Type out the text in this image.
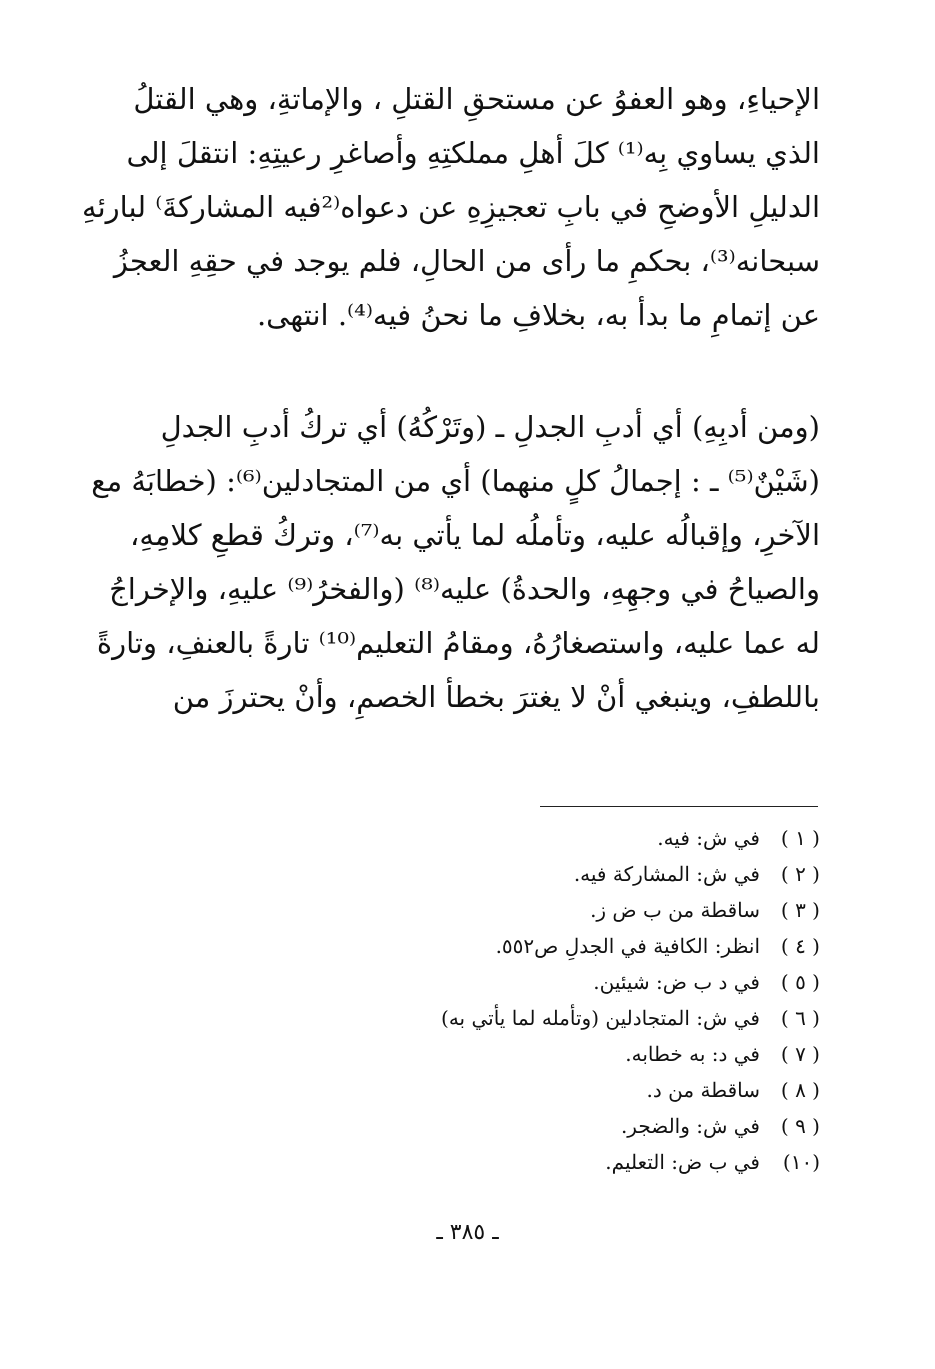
الإحياءِ، وهو العفوُ عن مستحقِ القتلِ ، والإماتةِ، وهي القتلُ
الذي يساوي بِه⁽¹⁾ كلَ أهلِ مملكتِهِ وأصاغرِ رعيتِهِ: انتقلَ إلى
الدليلِ الأوضحِ في بابِ تعجيزِهِ عن دعواه⁽²فيه المشاركةَ⁾ لبارئهِ
سبحانه⁽³⁾، بحكمِ ما رأى من الحالِ، فلم يوجد في حقِهِ العجزُ
عن إتمامِ ما بدأ به، بخلافِ ما نحنُ فيه⁽⁴⁾. انتهى.
(ومن أدبِهِ) أي أدبِ الجدلِ ـ (وتَرْكُهُ) أي تركُ أدبِ الجدلِ
(شَيْنٌ⁽⁵⁾ ـ : إجمالُ كلٍ منهما) أي من المتجادلين⁽⁶⁾: (خطابَهُ مع
الآخرِ، وإقبالُه عليه، وتأملُه لما يأتي به⁽⁷⁾، وتركُ قطعِ كلامِهِ،
والصياحُ في وجهِهِ، والحدةُ) عليه⁽⁸⁾ (والفخرُ⁽⁹⁾ عليهِ، والإخراجُ
له عما عليه، واستصغارُهُ، ومقامُ التعليم⁽¹⁰⁾ تارةً بالعنفِ، وتارةً
باللطفِ، وينبغي أنْ لا يغترَ بخطأ الخصمِ، وأنْ يحترزَ من
( ١ )
في ش: فيه.
( ٢ )
في ش: المشاركة فيه.
( ٣ )
ساقطة من ب ض ز.
( ٤ )
انظر: الكافية في الجدلِ ص٥٥٢.
( ٥ )
في د ب ض: شيئين.
( ٦ )
في ش: المتجادلين (وتأمله لما يأتي به)
( ٧ )
في د: به خطابه.
( ٨ )
ساقطة من د.
( ٩ )
في ش: والضجر.
(١٠)
في ب ض: التعليم.
ـ ٣٨٥ ـ
